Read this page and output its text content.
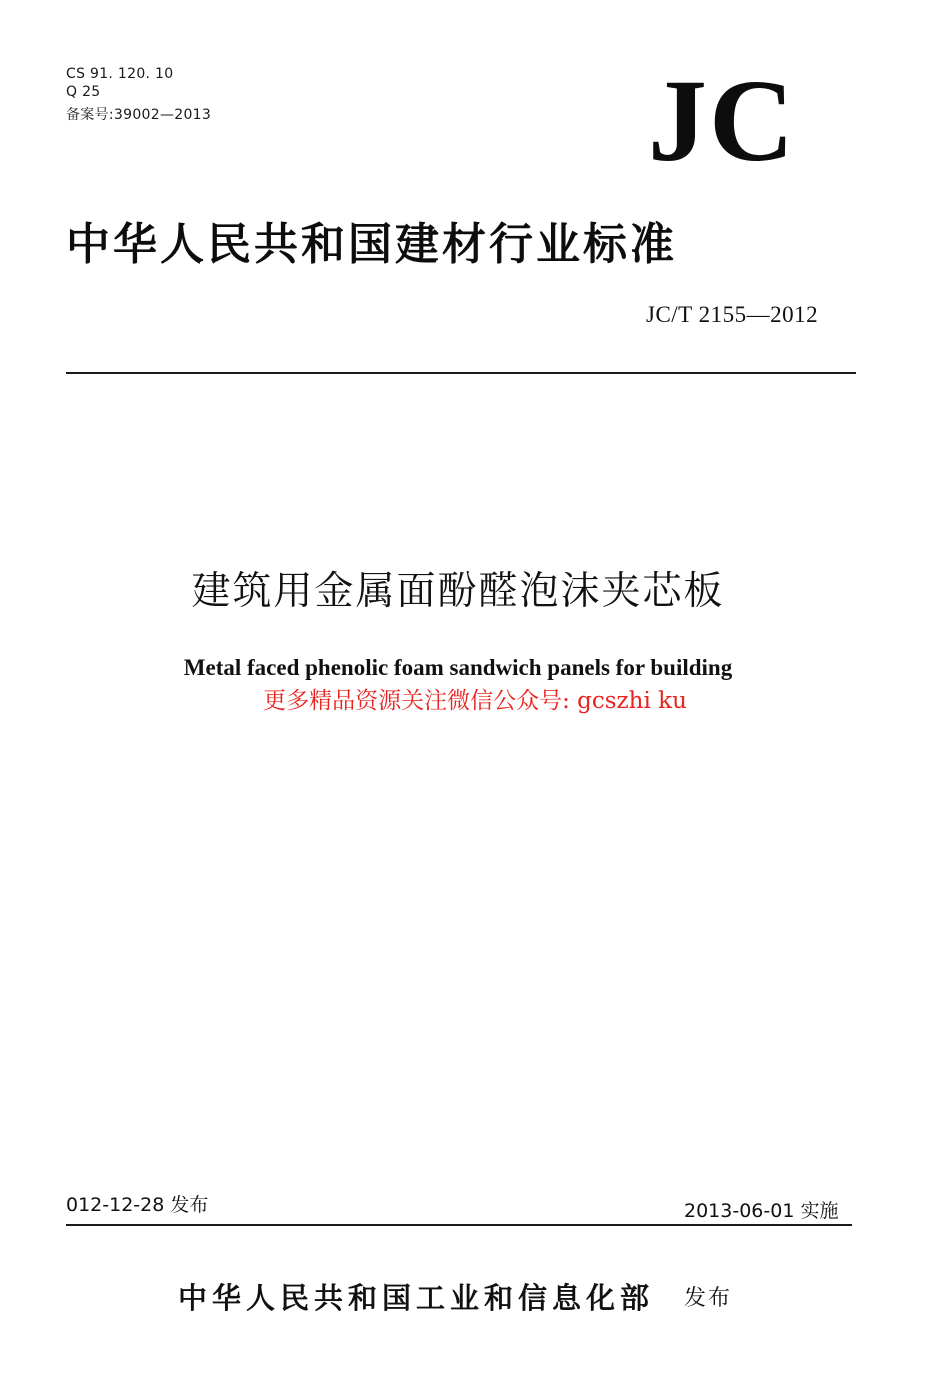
CS 91. 120. 10
Q 25
备案号:39002—2013	JC
中华人民共和国建材行业标准
JC/T 2155—2012
建筑用金属面酚醛泡沫夹芯板
Metal faced phenolic foam sandwich panels for building
更多精品资源关注微信公众号: gcszhi ku
012-12-28 发布	2013-06-01 实施
中华人民共和国工业和信息化部 发布
